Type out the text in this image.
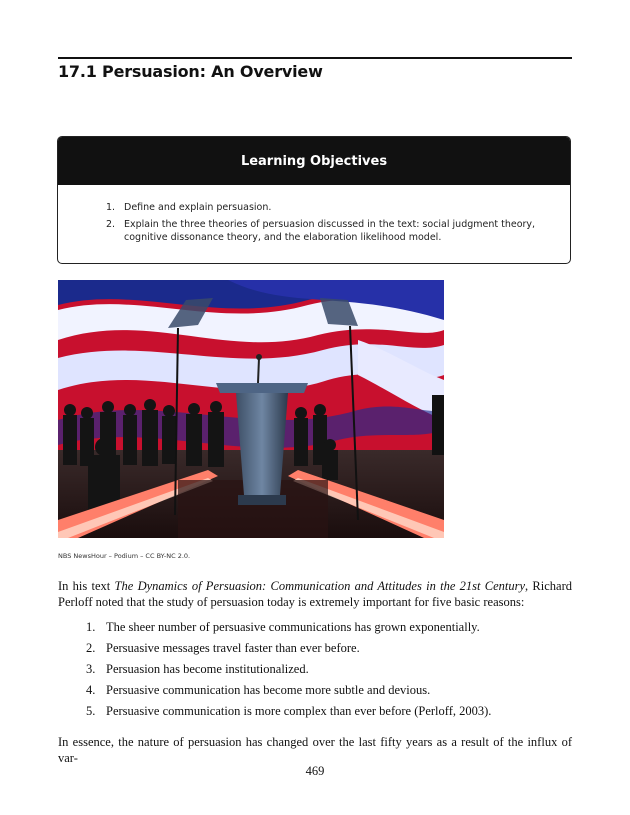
17.1 Persuasion: An Overview
Learning Objectives
1. Define and explain persuasion.
2. Explain the three theories of persuasion discussed in the text: social judgment theory, cognitive dissonance theory, and the elaboration likelihood model.
NBS NewsHour – Podium – CC BY-NC 2.0.

In his text The Dynamics of Persuasion: Communication and Attitudes in the 21st Century, Richard Perloff noted that the study of persuasion today is extremely important for five basic reasons:

1. The sheer number of persuasive communications has grown exponentially.
2. Persuasive messages travel faster than ever before.
3. Persuasion has become institutionalized.
4. Persuasive communication has become more subtle and devious.
5. Persuasive communication is more complex than ever before (Perloff, 2003).

In essence, the nature of persuasion has changed over the last fifty years as a result of the influx of var-

469
